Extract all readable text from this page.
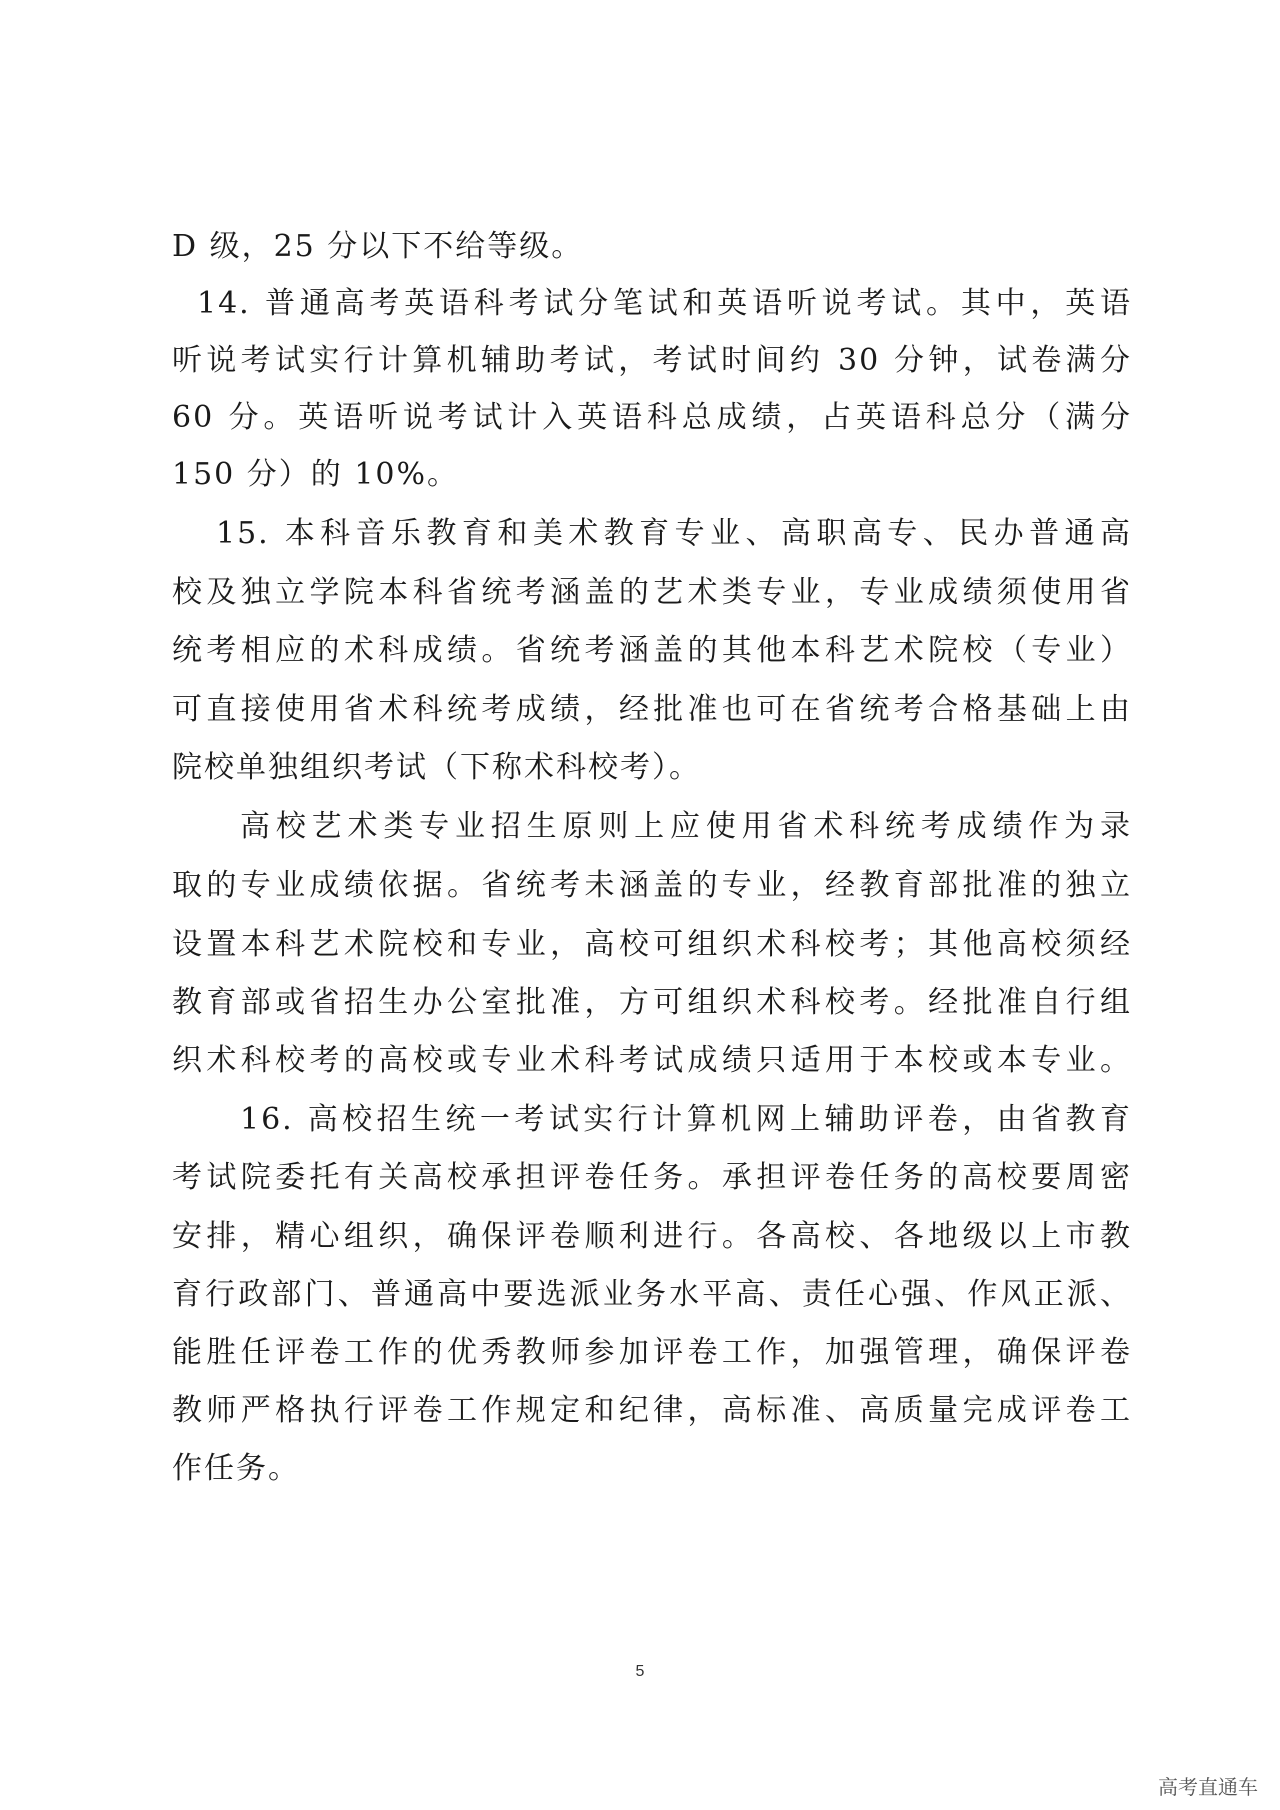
D 级，25 分以下不给等级。
14. 普通高考英语科考试分笔试和英语听说考试。其中，英语
听说考试实行计算机辅助考试，考试时间约 30 分钟，试卷满分
60 分。英语听说考试计入英语科总成绩，占英语科总分（满分
150 分）的 10%。
15. 本科音乐教育和美术教育专业、高职高专、民办普通高
校及独立学院本科省统考涵盖的艺术类专业，专业成绩须使用省
统考相应的术科成绩。省统考涵盖的其他本科艺术院校（专业）
可直接使用省术科统考成绩，经批准也可在省统考合格基础上由
院校单独组织考试（下称术科校考）。
高校艺术类专业招生原则上应使用省术科统考成绩作为录
取的专业成绩依据。省统考未涵盖的专业，经教育部批准的独立
设置本科艺术院校和专业，高校可组织术科校考；其他高校须经
教育部或省招生办公室批准，方可组织术科校考。经批准自行组
织术科校考的高校或专业术科考试成绩只适用于本校或本专业。
16. 高校招生统一考试实行计算机网上辅助评卷，由省教育
考试院委托有关高校承担评卷任务。承担评卷任务的高校要周密
安排，精心组织，确保评卷顺利进行。各高校、各地级以上市教
育行政部门、普通高中要选派业务水平高、责任心强、作风正派、
能胜任评卷工作的优秀教师参加评卷工作，加强管理，确保评卷
教师严格执行评卷工作规定和纪律，高标准、高质量完成评卷工
作任务。
5
高考直通车
